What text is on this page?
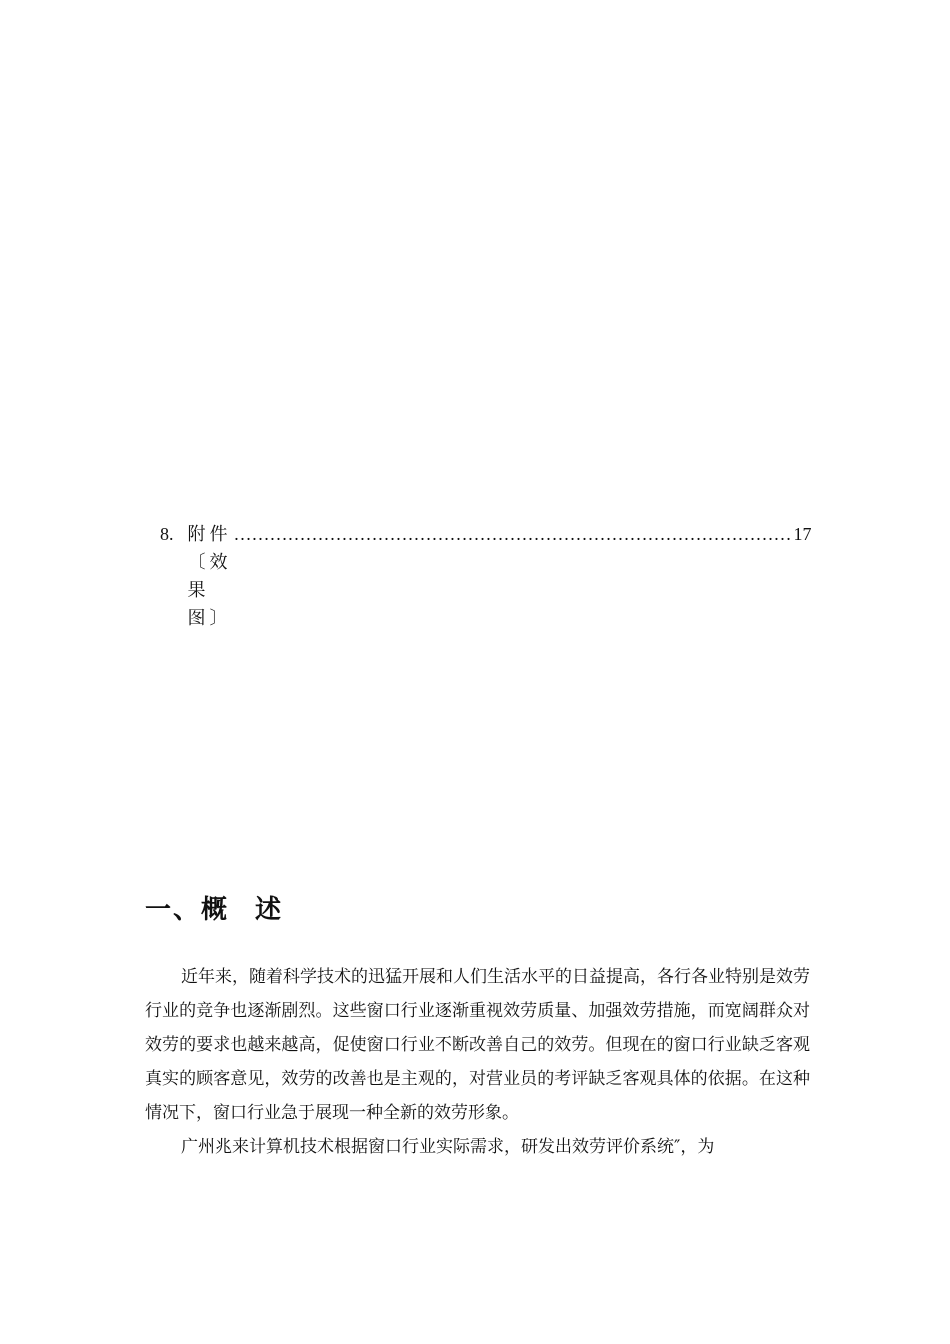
8. 附件〔效果图〕
………………………………………………………………………………… 17
一、概 述

近年来，随着科学技术的迅猛开展和人们生活水平的日益提高，各行各业特别是效劳行业的竞争也逐渐剧烈。这些窗口行业逐渐重视效劳质量、加强效劳措施，而宽阔群众对效劳的要求也越来越高，促使窗口行业不断改善自己的效劳。但现在的窗口行业缺乏客观真实的顾客意见，效劳的改善也是主观的，对营业员的考评缺乏客观具体的依据。在这种情况下，窗口行业急于展现一种全新的效劳形象。

广州兆来计算机技术根据窗口行业实际需求，研发出效劳评价系统″，为
